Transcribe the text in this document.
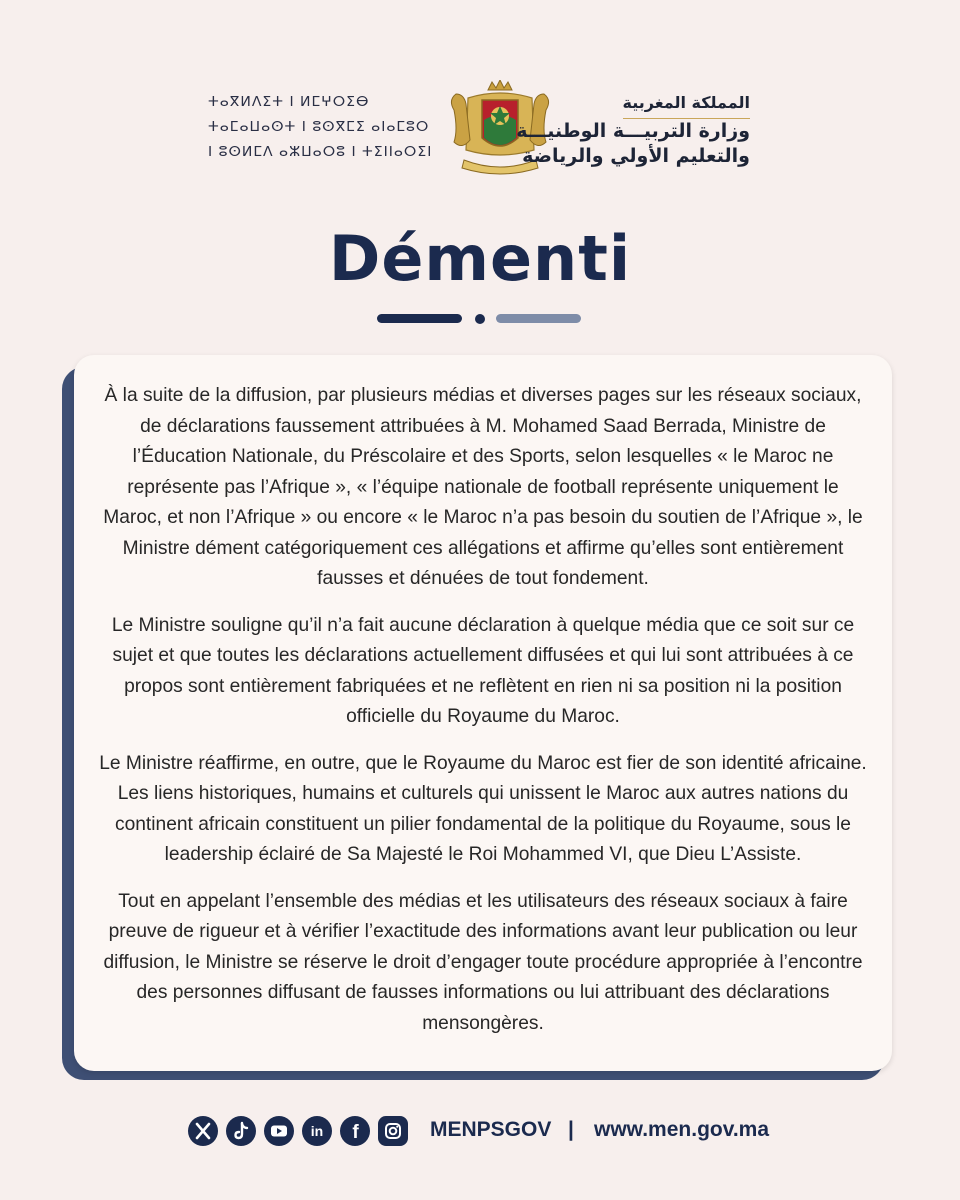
ⵜⴰⴳⵍⴷⵉⵜ ⵏ ⵍⵎⵖⵔⵉⴱ
ⵜⴰⵎⴰⵡⴰⵙⵜ ⵏ ⵓⵙⴳⵎⵉ ⴰⵏⴰⵎⵓⵔ
ⵏ ⵓⵙⵍⵎⴷ ⴰⵣⵡⴰⵔⵓ ⵏ ⵜⵉⵏⵏⴰⵔⵉⵏ
المملكة المغربية
وزارة التربيـــة الوطنيـــة
والتعليم الأولي والرياضة
Démenti

À la suite de la diffusion, par plusieurs médias et diverses pages sur les réseaux sociaux, de déclarations faussement attribuées à M. Mohamed Saad Berrada, Ministre de l’Éducation Nationale, du Préscolaire et des Sports, selon lesquelles « le Maroc ne représente pas l’Afrique », « l’équipe nationale de football représente uniquement le Maroc, et non l’Afrique » ou encore « le Maroc n’a pas besoin du soutien de l’Afrique », le Ministre dément catégoriquement ces allégations et affirme qu’elles sont entièrement fausses et dénuées de tout fondement.

Le Ministre souligne qu’il n’a fait aucune déclaration à quelque média que ce soit sur ce sujet et que toutes les déclarations actuellement diffusées et qui lui sont attribuées à ce propos sont entièrement fabriquées et ne reflètent en rien ni sa position ni la position officielle du Royaume du Maroc.

Le Ministre réaffirme, en outre, que le Royaume du Maroc est fier de son identité africaine. Les liens historiques, humains et culturels qui unissent le Maroc aux autres nations du continent africain constituent un pilier fondamental de la politique du Royaume, sous le leadership éclairé de Sa Majesté le Roi Mohammed VI, que Dieu L’Assiste.

Tout en appelant l’ensemble des médias et les utilisateurs des réseaux sociaux à faire preuve de rigueur et à vérifier l’exactitude des informations avant leur publication ou leur diffusion, le Ministre se réserve le droit d’engager toute procédure appropriée à l’encontre des personnes diffusant de fausses informations ou lui attribuant des déclarations mensongères.

in f	MENPSGOV | www.men.gov.ma
